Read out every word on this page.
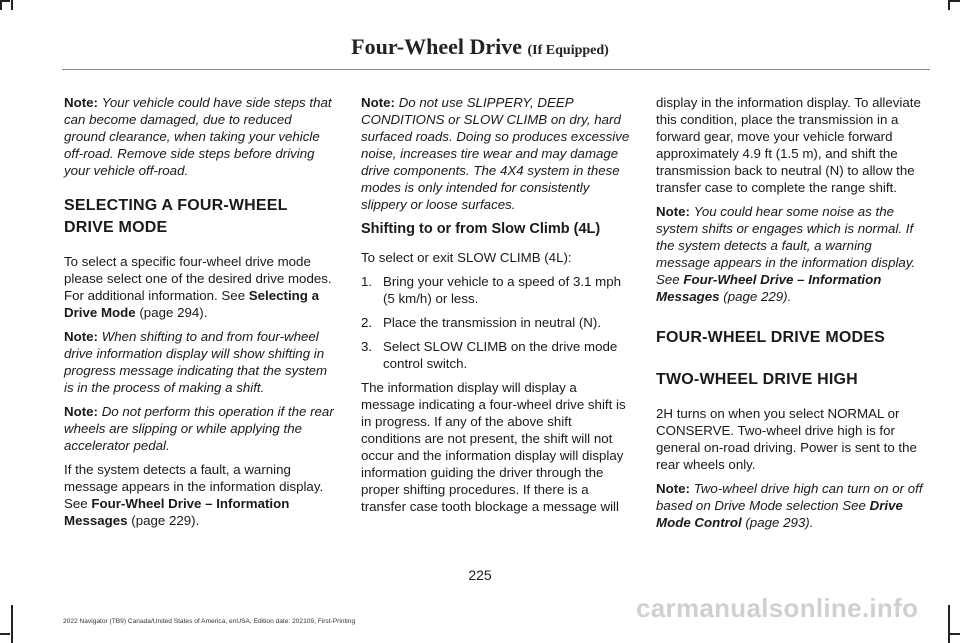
Four-Wheel Drive (If Equipped)

Note: Your vehicle could have side steps that can become damaged, due to reduced ground clearance, when taking your vehicle off-road. Remove side steps before driving your vehicle off-road.

SELECTING A FOUR-WHEEL DRIVE MODE

To select a specific four-wheel drive mode please select one of the desired drive modes. For additional information. See Selecting a Drive Mode (page 294).

Note: When shifting to and from four-wheel drive information display will show shifting in progress message indicating that the system is in the process of making a shift.

Note: Do not perform this operation if the rear wheels are slipping or while applying the accelerator pedal.

If the system detects a fault, a warning message appears in the information display. See Four-Wheel Drive – Information Messages (page 229).

Note: Do not use SLIPPERY, DEEP CONDITIONS or SLOW CLIMB on dry, hard surfaced roads. Doing so produces excessive noise, increases tire wear and may damage drive components. The 4X4 system in these modes is only intended for consistently slippery or loose surfaces.

Shifting to or from Slow Climb (4L)

To select or exit SLOW CLIMB (4L):

1. Bring your vehicle to a speed of 3.1 mph (5 km/h) or less.
2. Place the transmission in neutral (N).
3. Select SLOW CLIMB on the drive mode control switch.

The information display will display a message indicating a four-wheel drive shift is in progress. If any of the above shift conditions are not present, the shift will not occur and the information display will display information guiding the driver through the proper shifting procedures. If there is a transfer case tooth blockage a message will

display in the information display. To alleviate this condition, place the transmission in a forward gear, move your vehicle forward approximately 4.9 ft (1.5 m), and shift the transmission back to neutral (N) to allow the transfer case to complete the range shift.

Note: You could hear some noise as the system shifts or engages which is normal. If the system detects a fault, a warning message appears in the information display. See Four-Wheel Drive – Information Messages (page 229).

FOUR-WHEEL DRIVE MODES
TWO-WHEEL DRIVE HIGH

2H turns on when you select NORMAL or CONSERVE. Two-wheel drive high is for general on-road driving. Power is sent to the rear wheels only.

Note: Two-wheel drive high can turn on or off based on Drive Mode selection See Drive Mode Control (page 293).

225
2022 Navigator (TB9) Canada/United States of America, enUSA, Edition date: 202109, First-Printing	carmanualsonline.info
